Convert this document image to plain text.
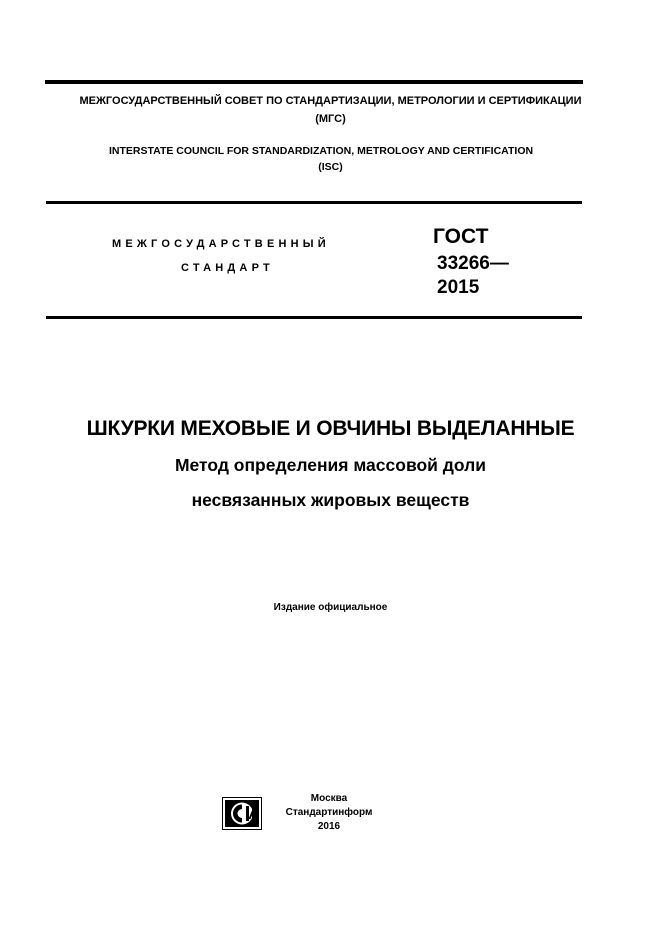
МЕЖГОСУДАРСТВЕННЫЙ СОВЕТ ПО СТАНДАРТИЗАЦИИ, МЕТРОЛОГИИ И СЕРТИФИКАЦИИ
(МГС)
INTERSTATE COUNCIL FOR STANDARDIZATION, METROLOGY AND CERTIFICATION
(ISC)
МЕЖГОСУДАРСТВЕННЫЙ
СТАНДАРТ
ГОСТ
33266—
2015
ШКУРКИ МЕХОВЫЕ И ОВЧИНЫ ВЫДЕЛАННЫЕ
Метод определения массовой доли
несвязанных жировых веществ
Издание официальное
Москва
Стандартинформ
2016
